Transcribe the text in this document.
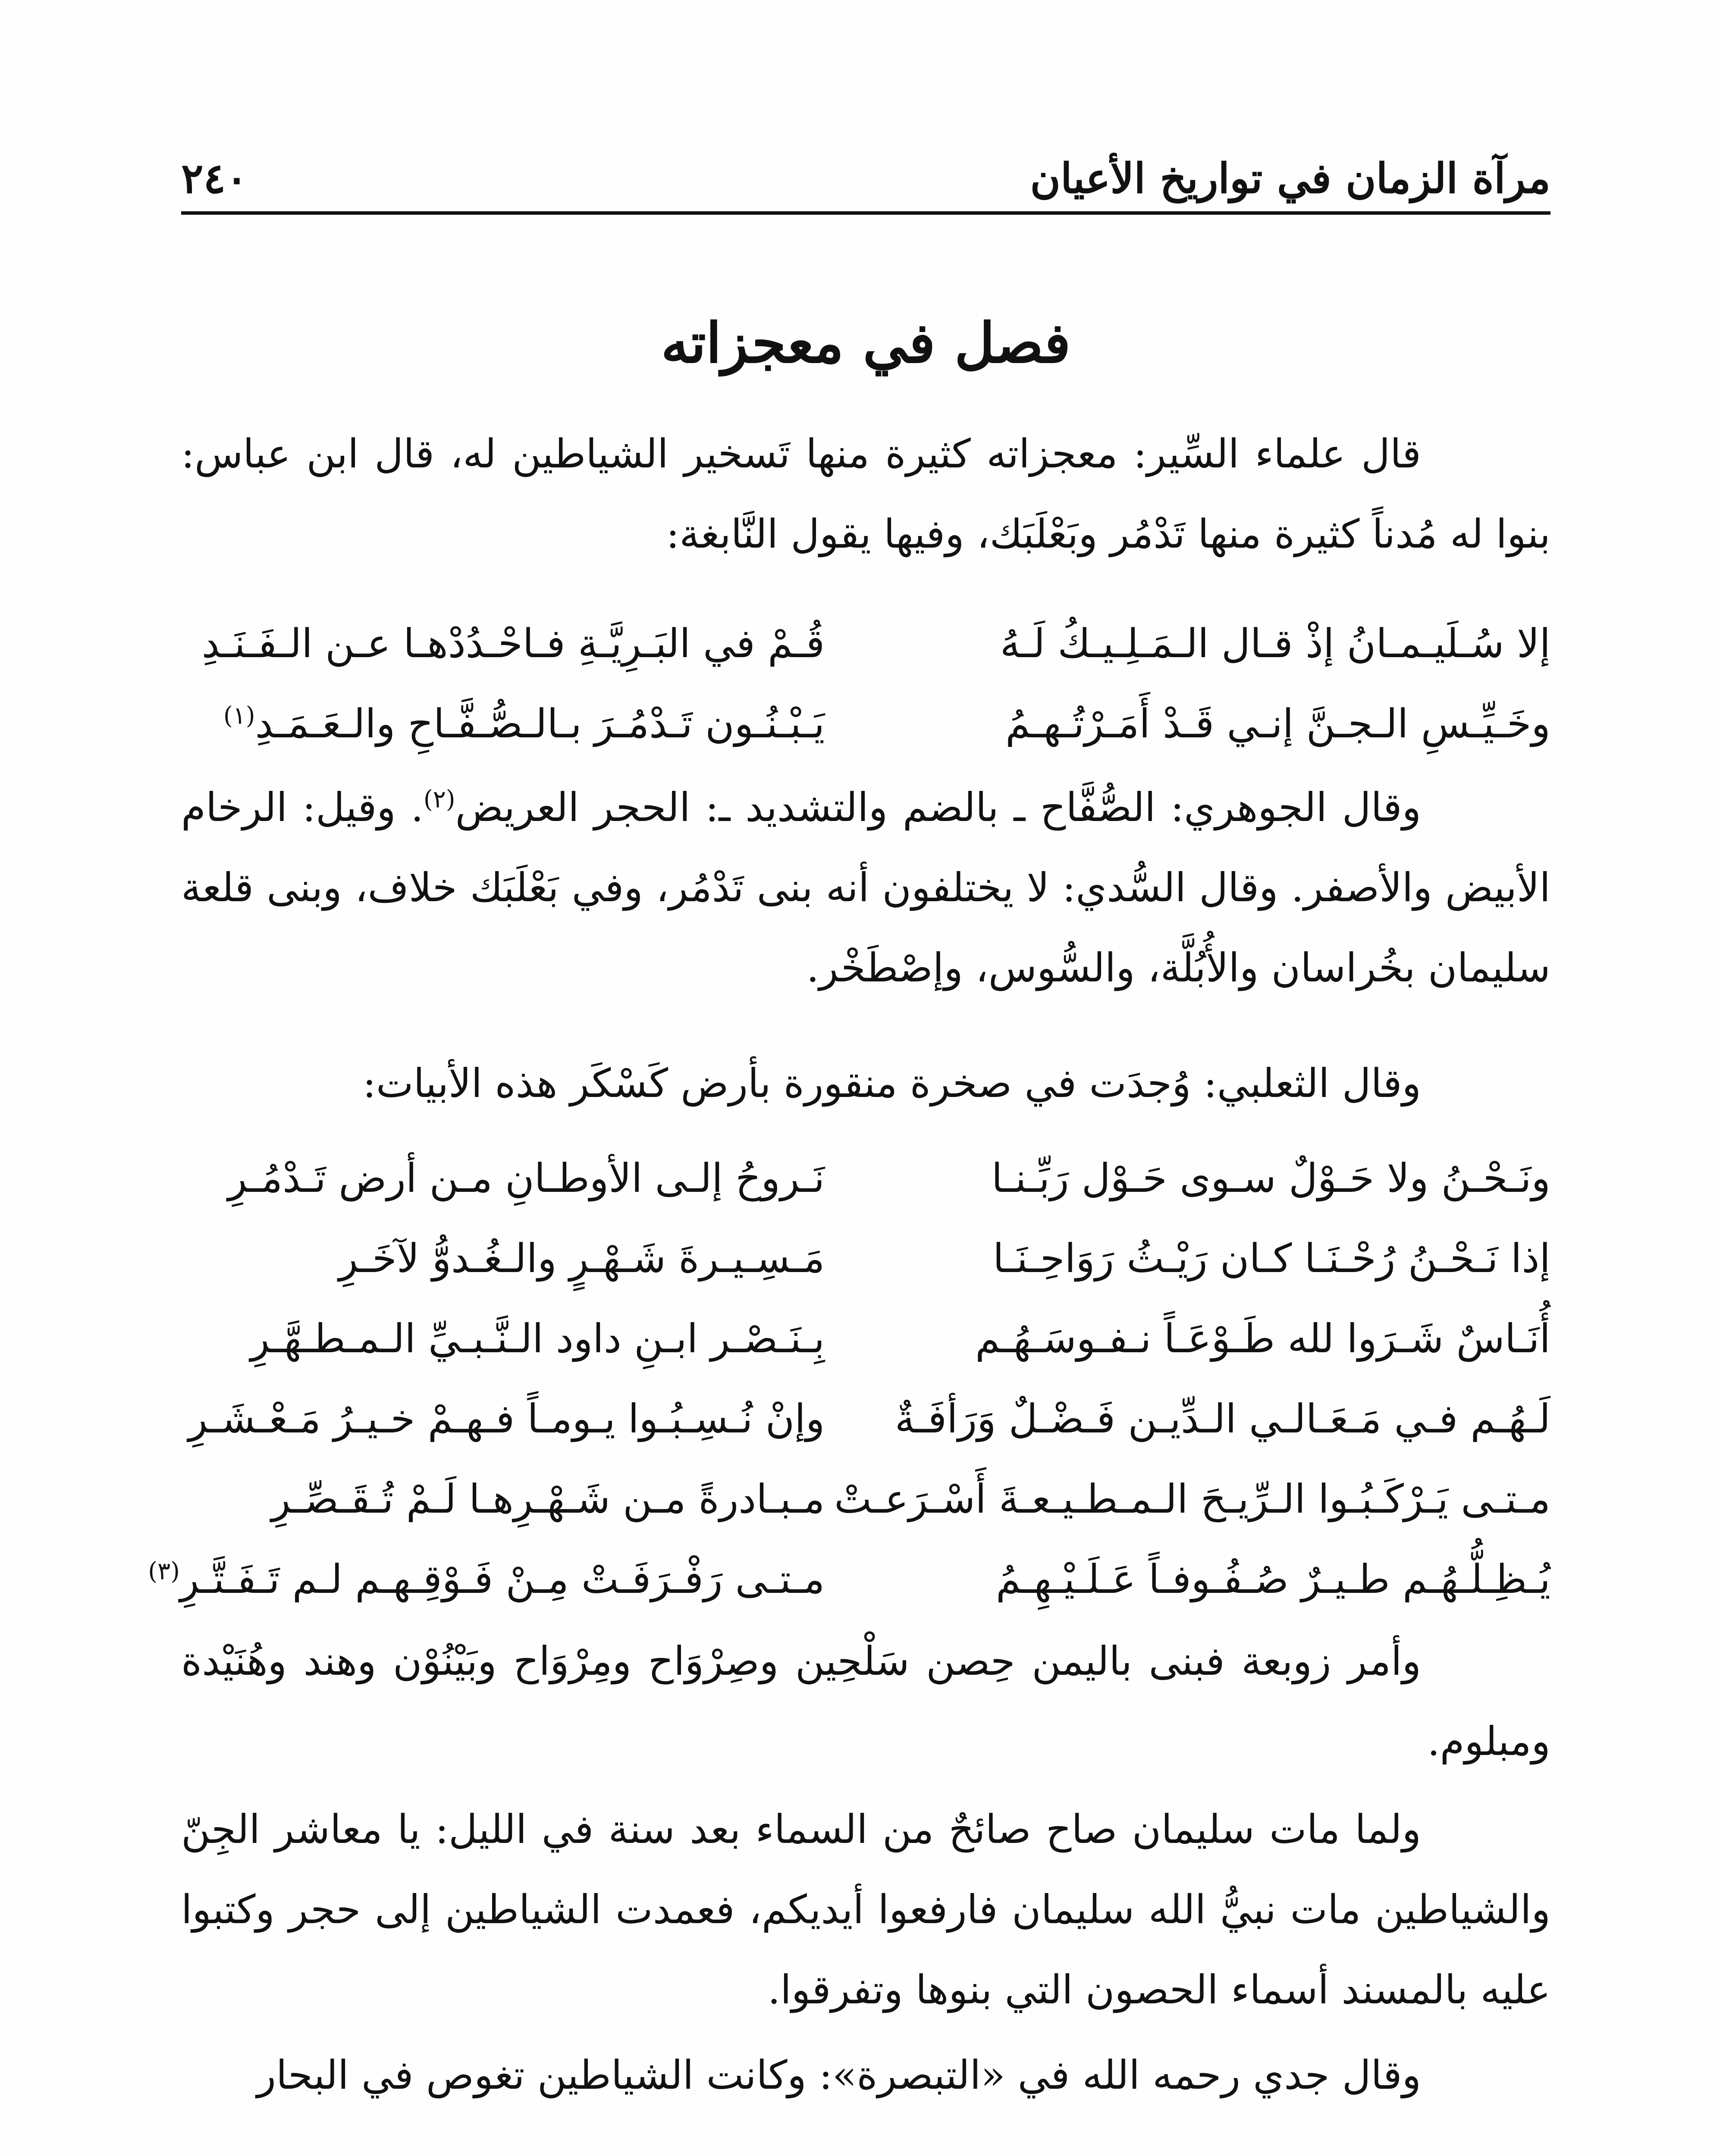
مرآة الزمان في تواريخ الأعيان
٢٤٠
فصل في معجزاته

قال علماء السِّير: معجزاته كثيرة منها تَسخير الشياطين له، قال ابن عباس: بنوا له مُدناً كثيرة منها تَدْمُر وبَعْلَبَك، وفيها يقول النَّابغة:

إلا سُـلَيـمـانُ إذْ قـال الـمَـلِـيـكُ لَـهُ
قُـمْ في البَـرِيَّـةِ فـاحْـدُدْهـا عـن الـفَـنَـدِ
وخَـيِّـسِ الـجـنَّ إنـي قَـدْ أَمَـرْتُـهـمُ
يَـبْـنُـون تَـدْمُـرَ بـالـصُّـفَّـاحِ والـعَـمَـدِ$^{(١)}$

وقال الجوهري: الصُّفَّاح ـ بالضم والتشديد ـ: الحجر العريض$^{(٢)}$. وقيل: الرخام الأبيض والأصفر. وقال السُّدي: لا يختلفون أنه بنى تَدْمُر، وفي بَعْلَبَك خلاف، وبنى قلعة سليمان بخُراسان والأُبُلَّة، والسُّوس، وإصْطَخْر.

وقال الثعلبي: وُجدَت في صخرة منقورة بأرض كَسْكَر هذه الأبيات:

ونَـحْـنُ ولا حَـوْلٌ سـوى حَـوْل رَبِّـنـا
نَـروحُ إلـى الأوطـانِ مـن أرض تَـدْمُـرِ
إذا نَـحْـنُ رُحْـنَـا كـان رَيْـثُ رَوَاحِـنَـا
مَـسِـيـرةَ شَـهْـرٍ والـغُـدوُّ لآخَـرِ
أُنَـاسٌ شَـرَوا لله طَـوْعَـاً نـفـوسَـهُـم
بِـنَـصْـر ابـنِ داود الـنَّـبـيِّ الـمـطـهَّـرِ
لَـهُـم فـي مَـعَـالـي الـدِّيـن فَـضْـلٌ وَرَأفَـةٌ
وإنْ نُـسِـبُـوا يـومـاً فـهـمْ خـيـرُ مَـعْـشَـرِ
مـتـى يَـرْكَـبُـوا الـرِّيـحَ الـمـطـيـعـةَ أَسْـرَعـتْ
مـبـادرةً مـن شَـهْـرِهـا لَـمْ تُـقَـصِّـرِ
يُـظِـلُّـهُـم طـيـرٌ صُـفُـوفـاً عَـلَـيْـهِـمُ
مـتـى رَفْـرَفَـتْ مِـنْ فَـوْقِـهـم لـم تَـفَـتَّـرِ$^{(٣)}$

وأمر زوبعة فبنى باليمن حِصن سَلْحِين وصِرْوَاح ومِرْوَاح وبَيْنُوْن وهند وهُنَيْدة ومبلوم.

ولما مات سليمان صاح صائحٌ من السماء بعد سنة في الليل: يا معاشر الجِنّ والشياطين مات نبيُّ الله سليمان فارفعوا أيديكم، فعمدت الشياطين إلى حجر وكتبوا عليه بالمسند أسماء الحصون التي بنوها وتفرقوا.

وقال جدي رحمه الله في «التبصرة»: وكانت الشياطين تغوص في البحار
